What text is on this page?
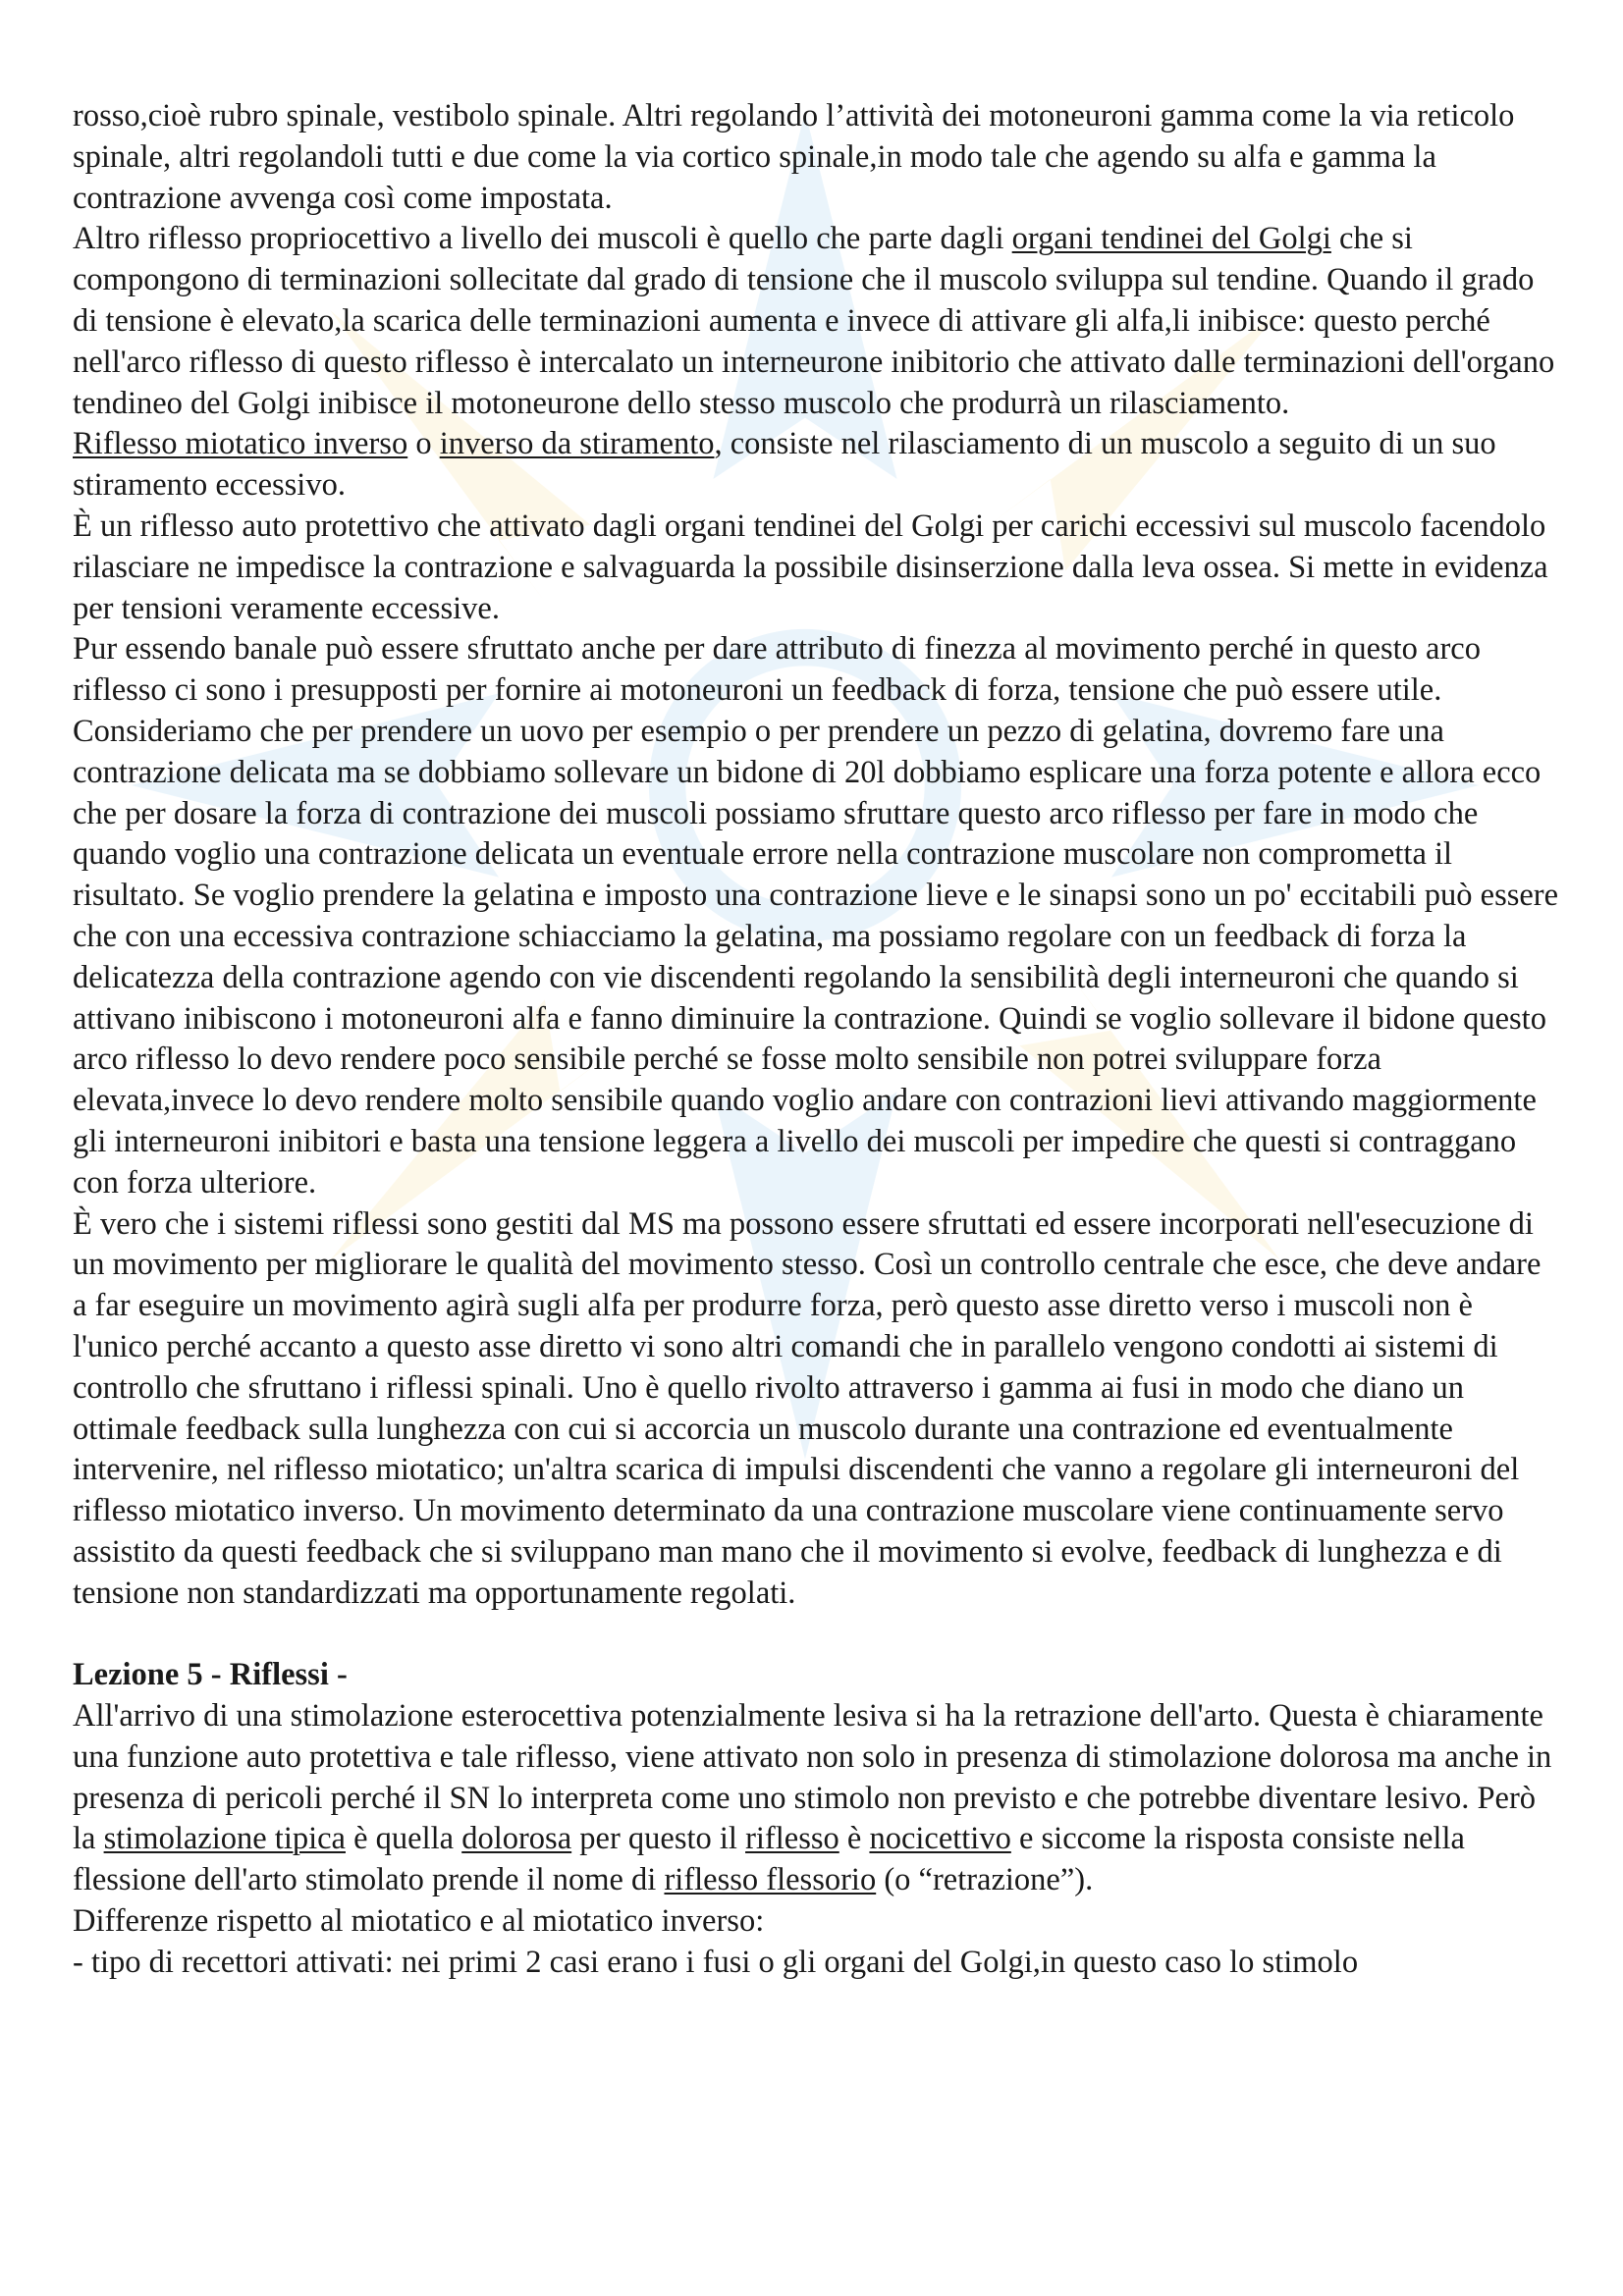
rosso,cioè rubro spinale, vestibolo spinale. Altri regolando l’attività dei motoneuroni gamma come la via reticolo spinale, altri regolandoli tutti e due come la via cortico spinale,in modo tale che agendo su alfa e gamma la contrazione avvenga così come impostata.

Altro riflesso propriocettivo a livello dei muscoli è quello che parte dagli organi tendinei del Golgi che si compongono di terminazioni sollecitate dal grado di tensione che il muscolo sviluppa sul tendine. Quando il grado di tensione è elevato,la scarica delle terminazioni aumenta e invece di attivare gli alfa,li inibisce: questo perché nell'arco riflesso di questo riflesso è intercalato un interneurone inibitorio che attivato dalle terminazioni dell'organo tendineo del Golgi inibisce il motoneurone dello stesso muscolo che produrrà un rilasciamento.

Riflesso miotatico inverso o inverso da stiramento, consiste nel rilasciamento di un muscolo a seguito di un suo stiramento eccessivo.

È un riflesso auto protettivo che attivato dagli organi tendinei del Golgi per carichi eccessivi sul muscolo facendolo rilasciare ne impedisce la contrazione e salvaguarda la possibile disinserzione dalla leva ossea. Si mette in evidenza per tensioni veramente eccessive.

Pur essendo banale può essere sfruttato anche per dare attributo di finezza al movimento perché in questo arco riflesso ci sono i presupposti per fornire ai motoneuroni un feedback di forza, tensione che può essere utile. Consideriamo che per prendere un uovo per esempio o per prendere un pezzo di gelatina, dovremo fare una contrazione delicata ma se dobbiamo sollevare un bidone di 20l dobbiamo esplicare una forza potente e allora ecco che per dosare la forza di contrazione dei muscoli possiamo sfruttare questo arco riflesso per fare in modo che quando voglio una contrazione delicata un eventuale errore nella contrazione muscolare non comprometta il risultato. Se voglio prendere la gelatina e imposto una contrazione lieve e le sinapsi sono un po' eccitabili può essere che con una eccessiva contrazione schiacciamo la gelatina, ma possiamo regolare con un feedback di forza la delicatezza della contrazione agendo con vie discendenti regolando la sensibilità degli interneuroni che quando si attivano inibiscono i motoneuroni alfa e fanno diminuire la contrazione. Quindi se voglio sollevare il bidone questo arco riflesso lo devo rendere poco sensibile perché se fosse molto sensibile non potrei sviluppare forza elevata,invece lo devo rendere molto sensibile quando voglio andare con contrazioni lievi attivando maggiormente gli interneuroni inibitori e basta una tensione leggera a livello dei muscoli per impedire che questi si contraggano con forza ulteriore.

È vero che i sistemi riflessi sono gestiti dal MS ma possono essere sfruttati ed essere incorporati nell'esecuzione di un movimento per migliorare le qualità del movimento stesso. Così un controllo centrale che esce, che deve andare a far eseguire un movimento agirà sugli alfa per produrre forza, però questo asse diretto verso i muscoli non è l'unico perché accanto a questo asse diretto vi sono altri comandi che in parallelo vengono condotti ai sistemi di controllo che sfruttano i riflessi spinali. Uno è quello rivolto attraverso i gamma ai fusi in modo che diano un ottimale feedback sulla lunghezza con cui si accorcia un muscolo durante una contrazione ed eventualmente intervenire, nel riflesso miotatico; un'altra scarica di impulsi discendenti che vanno a regolare gli interneuroni del riflesso miotatico inverso. Un movimento determinato da una contrazione muscolare viene continuamente servo assistito da questi feedback che si sviluppano man mano che il movimento si evolve, feedback di lunghezza e di tensione non standardizzati ma opportunamente regolati.

Lezione 5 - Riflessi -

All'arrivo di una stimolazione esterocettiva potenzialmente lesiva si ha la retrazione dell'arto. Questa è chiaramente una funzione auto protettiva e tale riflesso, viene attivato non solo in presenza di stimolazione dolorosa ma anche in presenza di pericoli perché il SN lo interpreta come uno stimolo non previsto e che potrebbe diventare lesivo. Però la stimolazione tipica è quella dolorosa per questo il riflesso è nocicettivo e siccome la risposta consiste nella flessione dell'arto stimolato prende il nome di riflesso flessorio (o “retrazione”).

Differenze rispetto al miotatico e al miotatico inverso:

- tipo di recettori attivati: nei primi 2 casi erano i fusi o gli organi del Golgi,in questo caso lo stimolo
